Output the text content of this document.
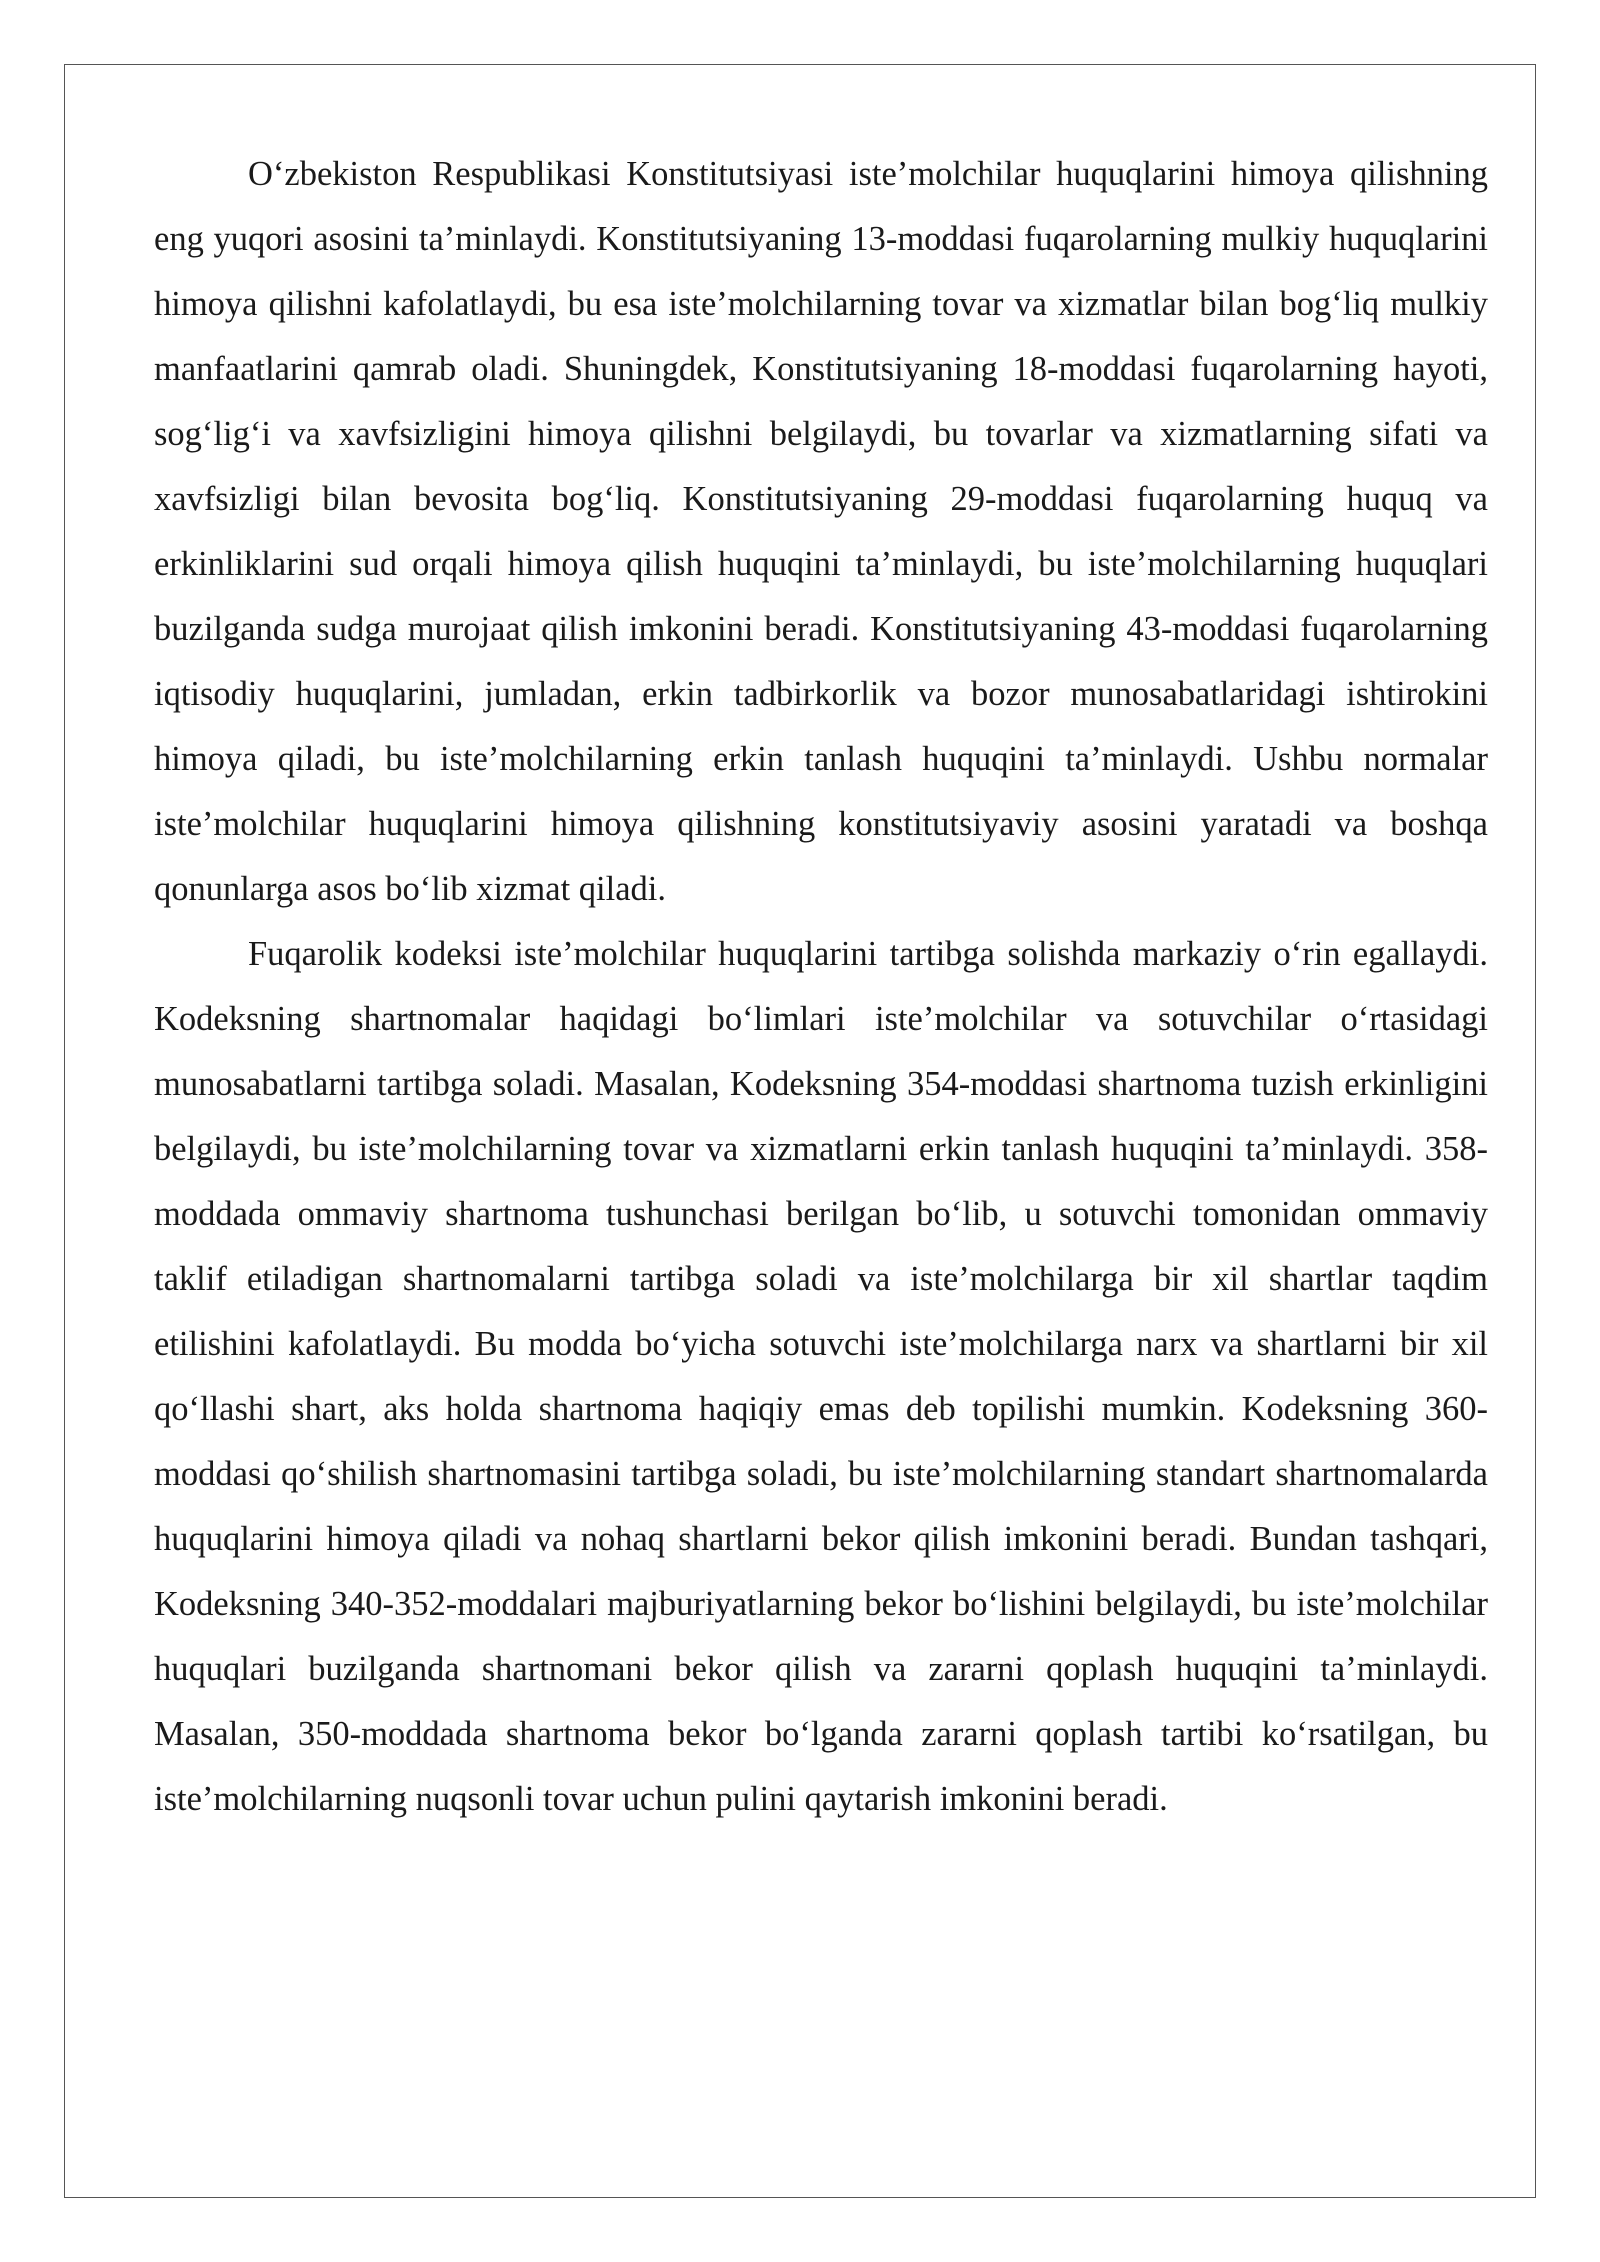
O‘zbekiston Respublikasi Konstitutsiyasi iste’molchilar huquqlarini himoya qilishning eng yuqori asosini ta’minlaydi. Konstitutsiyaning 13-moddasi fuqarolarning mulkiy huquqlarini himoya qilishni kafolatlaydi, bu esa iste’molchilarning tovar va xizmatlar bilan bog‘liq mulkiy manfaatlarini qamrab oladi. Shuningdek, Konstitutsiyaning 18-moddasi fuqarolarning hayoti, sog‘lig‘i va xavfsizligini himoya qilishni belgilaydi, bu tovarlar va xizmatlarning sifati va xavfsizligi bilan bevosita bog‘liq. Konstitutsiyaning 29-moddasi fuqarolarning huquq va erkinliklarini sud orqali himoya qilish huquqini ta’minlaydi, bu iste’molchilarning huquqlari buzilganda sudga murojaat qilish imkonini beradi. Konstitutsiyaning 43-moddasi fuqarolarning iqtisodiy huquqlarini, jumladan, erkin tadbirkorlik va bozor munosabatlaridagi ishtirokini himoya qiladi, bu iste’molchilarning erkin tanlash huquqini ta’minlaydi. Ushbu normalar iste’molchilar huquqlarini himoya qilishning konstitutsiyaviy asosini yaratadi va boshqa qonunlarga asos bo‘lib xizmat qiladi.

Fuqarolik kodeksi iste’molchilar huquqlarini tartibga solishda markaziy o‘rin egallaydi. Kodeksning shartnomalar haqidagi bo‘limlari iste’molchilar va sotuvchilar o‘rtasidagi munosabatlarni tartibga soladi. Masalan, Kodeksning 354-moddasi shartnoma tuzish erkinligini belgilaydi, bu iste’molchilarning tovar va xizmatlarni erkin tanlash huquqini ta’minlaydi. 358-moddada ommaviy shartnoma tushunchasi berilgan bo‘lib, u sotuvchi tomonidan ommaviy taklif etiladigan shartnomalarni tartibga soladi va iste’molchilarga bir xil shartlar taqdim etilishini kafolatlaydi. Bu modda bo‘yicha sotuvchi iste’molchilarga narx va shartlarni bir xil qo‘llashi shart, aks holda shartnoma haqiqiy emas deb topilishi mumkin. Kodeksning 360-moddasi qo‘shilish shartnomasini tartibga soladi, bu iste’molchilarning standart shartnomalarda huquqlarini himoya qiladi va nohaq shartlarni bekor qilish imkonini beradi. Bundan tashqari, Kodeksning 340-352-moddalari majburiyatlarning bekor bo‘lishini belgilaydi, bu iste’molchilar huquqlari buzilganda shartnomani bekor qilish va zararni qoplash huquqini ta’minlaydi. Masalan, 350-moddada shartnoma bekor bo‘lganda zararni qoplash tartibi ko‘rsatilgan, bu iste’molchilarning nuqsonli tovar uchun pulini qaytarish imkonini beradi.
